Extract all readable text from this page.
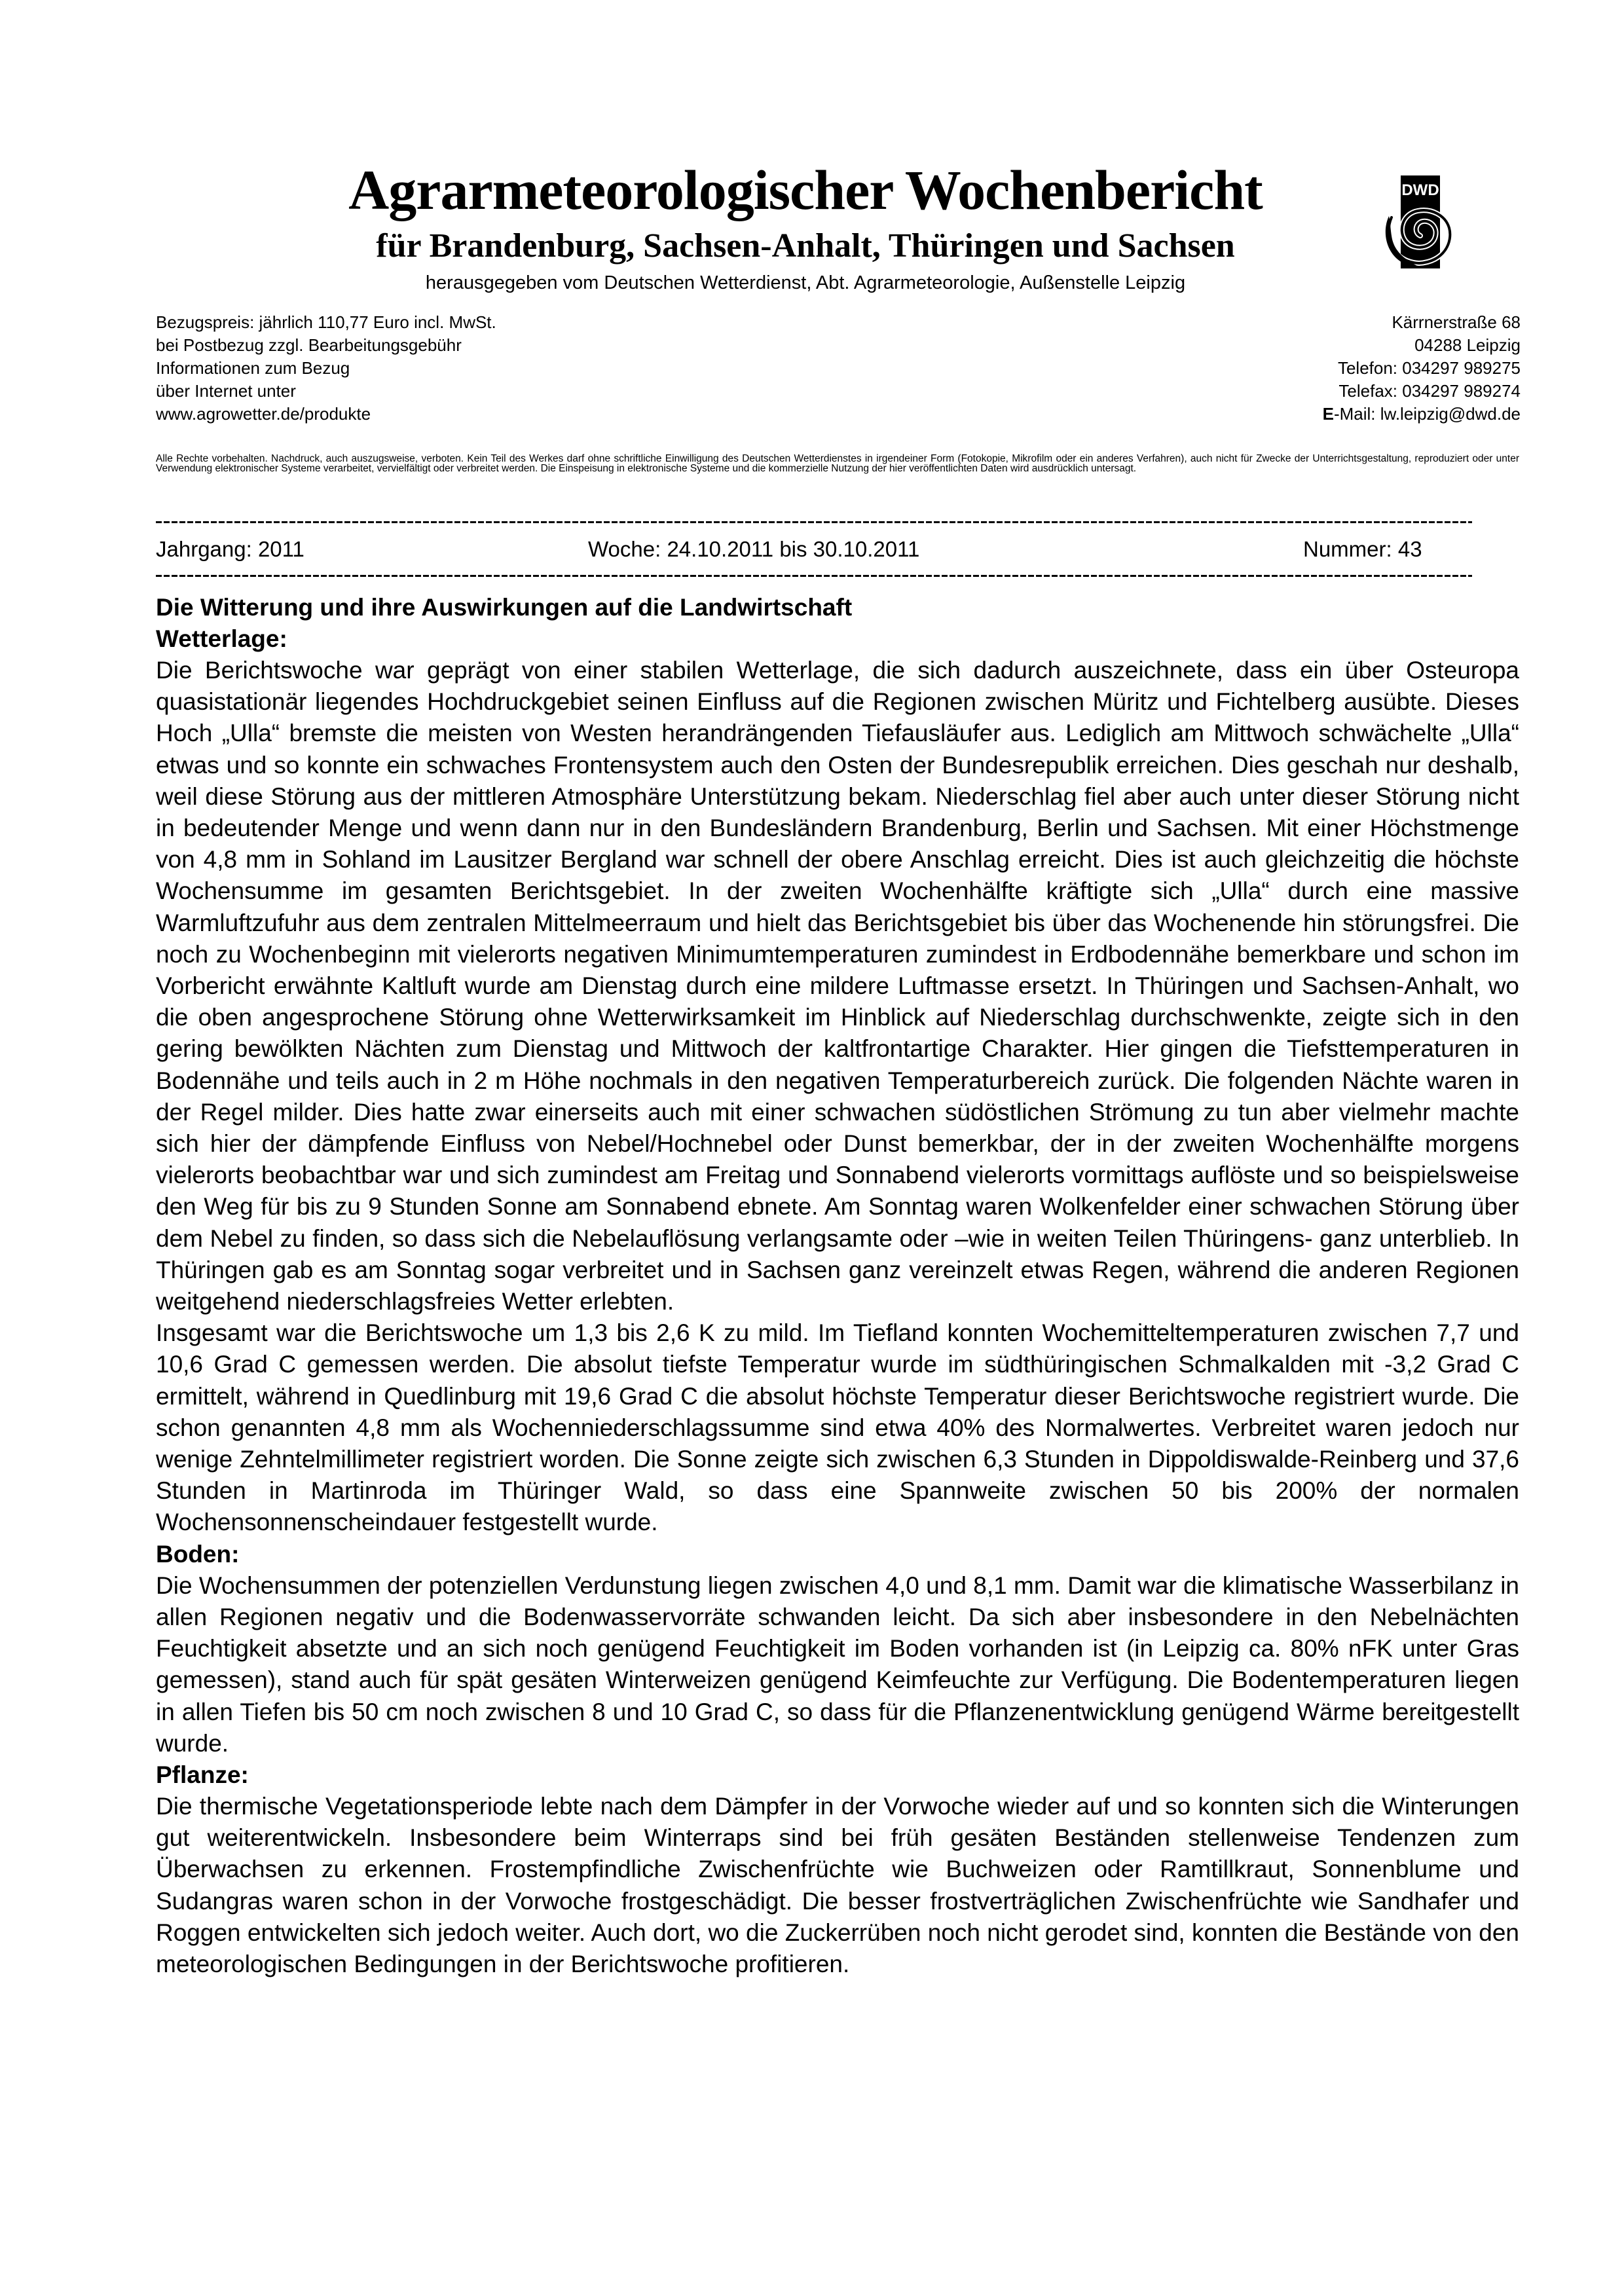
Agrarmeteorologischer Wochenbericht
für Brandenburg, Sachsen-Anhalt, Thüringen und Sachsen
herausgegeben vom Deutschen Wetterdienst, Abt. Agrarmeteorologie, Außenstelle Leipzig
DWD
Bezugspreis: jährlich 110,77 Euro incl. MwSt.
bei Postbezug zzgl. Bearbeitungsgebühr
Informationen zum Bezug
über Internet unter
www.agrowetter.de/produkte
Kärrnerstraße 68
04288 Leipzig
Telefon: 034297 989275
Telefax: 034297 989274
E-Mail: lw.leipzig@dwd.de
Alle Rechte vorbehalten. Nachdruck, auch auszugsweise, verboten. Kein Teil des Werkes darf ohne schriftliche Einwilligung des Deutschen Wetterdienstes in irgendeiner Form (Fotokopie, Mikrofilm oder ein anderes Verfahren), auch nicht für Zwecke der Unterrichtsgestaltung, reproduziert oder unter Verwendung elektronischer Systeme verarbeitet, vervielfältigt oder verbreitet werden. Die Einspeisung in elektronische Systeme und die kommerzielle Nutzung der hier veröffentlichten Daten wird ausdrücklich untersagt.
Jahrgang: 2011	Woche: 24.10.2011 bis 30.10.2011	Nummer: 43
Die Witterung und ihre Auswirkungen auf die Landwirtschaft
Wetterlage:

Die Berichtswoche war geprägt von einer stabilen Wetterlage, die sich dadurch auszeichnete, dass ein über Osteuropa quasistationär liegendes Hochdruckgebiet seinen Einfluss auf die Regionen zwischen Müritz und Fichtelberg ausübte. Dieses Hoch „Ulla“ bremste die meisten von Westen herandrängenden Tiefausläufer aus. Lediglich am Mittwoch schwächelte „Ulla“ etwas und so konnte ein schwaches Frontensystem auch den Osten der Bundesrepublik erreichen. Dies geschah nur deshalb, weil diese Störung aus der mittleren Atmosphäre Unterstützung bekam. Niederschlag fiel aber auch unter dieser Störung nicht in bedeutender Menge und wenn dann nur in den Bundesländern Brandenburg, Berlin und Sachsen. Mit einer Höchstmenge von 4,8 mm in Sohland im Lausitzer Bergland war schnell der obere Anschlag erreicht. Dies ist auch gleichzeitig die höchste Wochensumme im gesamten Berichtsgebiet. In der zweiten Wochenhälfte kräftigte sich „Ulla“ durch eine massive Warmluftzufuhr aus dem zentralen Mittelmeerraum und hielt das Berichtsgebiet bis über das Wochenende hin störungsfrei. Die noch zu Wochenbeginn mit vielerorts negativen Minimumtemperaturen zumindest in Erdbodennähe bemerkbare und schon im Vorbericht erwähnte Kaltluft wurde am Dienstag durch eine mildere Luftmasse ersetzt. In Thüringen und Sachsen-Anhalt, wo die oben angesprochene Störung ohne Wetterwirksamkeit im Hinblick auf Niederschlag durchschwenkte, zeigte sich in den gering bewölkten Nächten zum Dienstag und Mittwoch der kaltfrontartige Charakter. Hier gingen die Tiefsttemperaturen in Bodennähe und teils auch in 2 m Höhe nochmals in den negativen Temperaturbereich zurück. Die folgenden Nächte waren in der Regel milder. Dies hatte zwar einerseits auch mit einer schwachen südöstlichen Strömung zu tun aber vielmehr machte sich hier der dämpfende Einfluss von Nebel/Hochnebel oder Dunst bemerkbar, der in der zweiten Wochenhälfte morgens vielerorts beobachtbar war und sich zumindest am Freitag und Sonnabend vielerorts vormittags auflöste und so beispielsweise den Weg für bis zu 9 Stunden Sonne am Sonnabend ebnete. Am Sonntag waren Wolkenfelder einer schwachen Störung über dem Nebel zu finden, so dass sich die Nebelauflösung verlangsamte oder –wie in weiten Teilen Thüringens- ganz unterblieb. In Thüringen gab es am Sonntag sogar verbreitet und in Sachsen ganz vereinzelt etwas Regen, während die anderen Regionen weitgehend niederschlagsfreies Wetter erlebten.

Insgesamt war die Berichtswoche um 1,3 bis 2,6 K zu mild. Im Tiefland konnten Wochemitteltemperaturen zwischen 7,7 und 10,6 Grad C gemessen werden. Die absolut tiefste Temperatur wurde im südthüringischen Schmalkalden mit -3,2 Grad C ermittelt, während in Quedlinburg mit 19,6 Grad C die absolut höchste Temperatur dieser Berichtswoche registriert wurde. Die schon genannten 4,8 mm als Wochenniederschlagssumme sind etwa 40% des Normalwertes. Verbreitet waren jedoch nur wenige Zehntelmillimeter registriert worden. Die Sonne zeigte sich zwischen 6,3 Stunden in Dippoldiswalde-Reinberg und 37,6 Stunden in Martinroda im Thüringer Wald, so dass eine Spannweite zwischen 50 bis 200% der normalen Wochensonnenscheindauer festgestellt wurde.

Boden:

Die Wochensummen der potenziellen Verdunstung liegen zwischen 4,0 und 8,1 mm. Damit war die klimatische Wasserbilanz in allen Regionen negativ und die Bodenwasservorräte schwanden leicht. Da sich aber insbesondere in den Nebelnächten Feuchtigkeit absetzte und an sich noch genügend Feuchtigkeit im Boden vorhanden ist (in Leipzig ca. 80% nFK unter Gras gemessen), stand auch für spät gesäten Winterweizen genügend Keimfeuchte zur Verfügung. Die Bodentemperaturen liegen in allen Tiefen bis 50 cm noch zwischen 8 und 10 Grad C, so dass für die Pflanzenentwicklung genügend Wärme bereitgestellt wurde.

Pflanze:

Die thermische Vegetationsperiode lebte nach dem Dämpfer in der Vorwoche wieder auf und so konnten sich die Winterungen gut weiterentwickeln. Insbesondere beim Winterraps sind bei früh gesäten Beständen stellenweise Tendenzen zum Überwachsen zu erkennen. Frostempfindliche Zwischenfrüchte wie Buchweizen oder Ramtillkraut, Sonnenblume und Sudangras waren schon in der Vorwoche frostgeschädigt. Die besser frostverträglichen Zwischenfrüchte wie Sandhafer und Roggen entwickelten sich jedoch weiter. Auch dort, wo die Zuckerrüben noch nicht gerodet sind, konnten die Bestände von den meteorologischen Bedingungen in der Berichtswoche profitieren.
